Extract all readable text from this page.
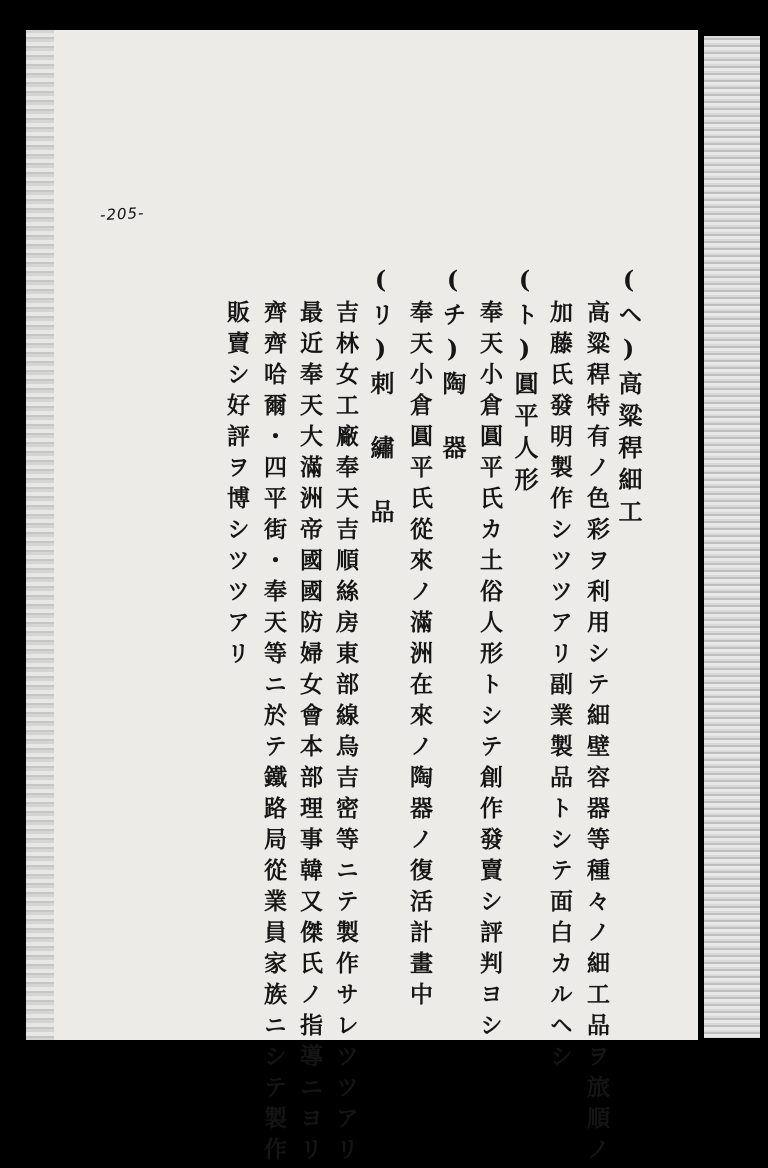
-205-
(ヘ)高粱稈細工
高粱稈特有ノ色彩ヲ利用シテ細壁容器等種々ノ細工品ヲ旅順ノ
加藤氏發明製作シツツアリ副業製品トシテ面白カルヘシ
(ト)圓平人形
奉天小倉圓平氏カ土俗人形トシテ創作發賣シ評判ヨシ
(チ)陶　器
奉天小倉圓平氏從來ノ滿洲在來ノ陶器ノ復活計畫中
(リ)刺　繡　品
吉林女工廠奉天吉順絲房東部線烏吉密等ニテ製作サレツツアリ
最近奉天大滿洲帝國國防婦女會本部理事韓又傑氏ノ指導ニヨリ
齊齊哈爾・四平街・奉天等ニ於テ鐵路局從業員家族ニシテ製作
販賣シ好評ヲ博シツツアリ
